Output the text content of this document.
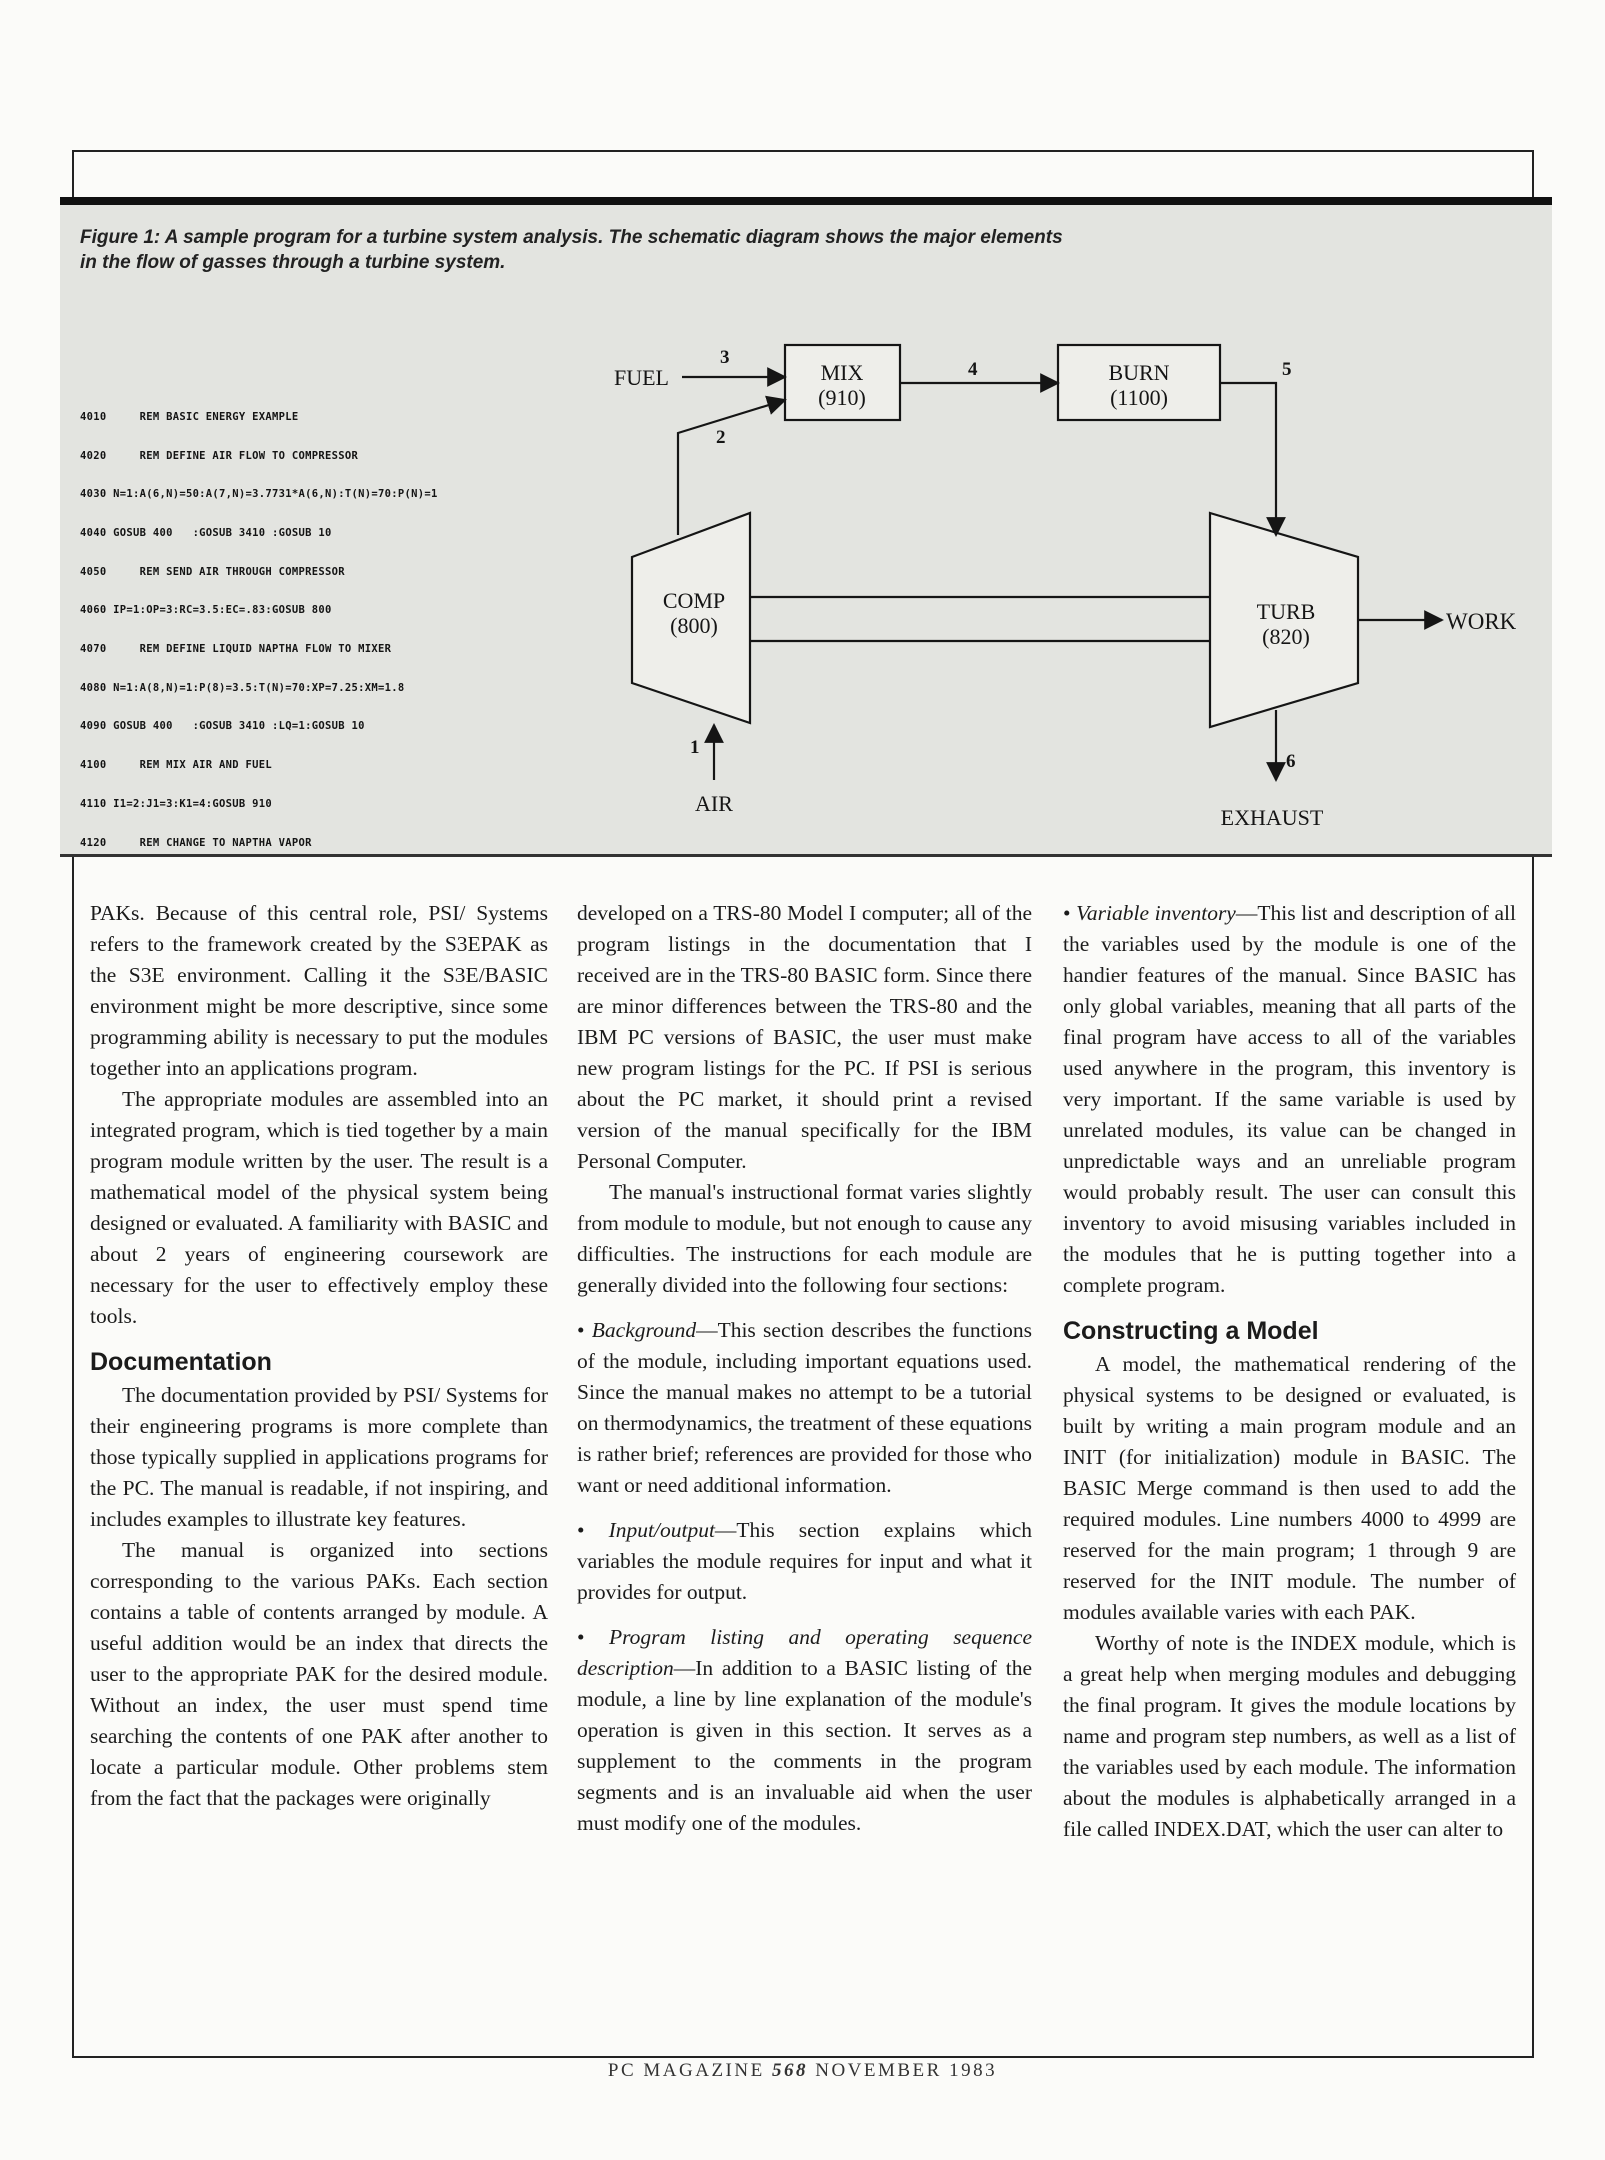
Figure 1: A sample program for a turbine system analysis. The schematic diagram shows the major elements in the flow of gasses through a turbine system.

4010     REM BASIC ENERGY EXAMPLE

4020     REM DEFINE AIR FLOW TO COMPRESSOR

4030 N=1:A(6,N)=50:A(7,N)=3.7731*A(6,N):T(N)=70:P(N)=1

4040 GOSUB 400   :GOSUB 3410 :GOSUB 10

4050     REM SEND AIR THROUGH COMPRESSOR

4060 IP=1:OP=3:RC=3.5:EC=.83:GOSUB 800

4070     REM DEFINE LIQUID NAPTHA FLOW TO MIXER

4080 N=1:A(8,N)=1:P(8)=3.5:T(N)=70:XP=7.25:XM=1.8

4090 GOSUB 400   :GOSUB 3410 :LQ=1:GOSUB 10

4100     REM MIX AIR AND FUEL

4110 I1=2:J1=3:K1=4:GOSUB 910

4120     REM CHANGE TO NAPTHA VAPOR

FUEL
3
2
4	5
1
6
MIX
(910)
BURN
(1100)
COMP
(800)
TURB
(820)
WORK
AIR
EXHAUST

PAKs. Because of this central role, PSI/ Systems refers to the framework created by the S3EPAK as the S3E environment. Calling it the S3E/BASIC environment might be more descriptive, since some programming ability is necessary to put the modules together into an applications program.

The appropriate modules are assembled into an integrated program, which is tied together by a main program module written by the user. The result is a mathematical model of the physical system being designed or evaluated. A familiarity with BASIC and about 2 years of engineering coursework are necessary for the user to effectively employ these tools.

Documentation

The documentation provided by PSI/ Systems for their engineering programs is more complete than those typically supplied in applications programs for the PC. The manual is readable, if not inspiring, and includes examples to illustrate key features.

The manual is organized into sections corresponding to the various PAKs. Each section contains a table of contents arranged by module. A useful addition would be an index that directs the user to the appropriate PAK for the desired module. Without an index, the user must spend time searching the contents of one PAK after another to locate a particular module. Other problems stem from the fact that the packages were originally

developed on a TRS-80 Model I computer; all of the program listings in the documentation that I received are in the TRS-80 BASIC form. Since there are minor differences between the TRS-80 and the IBM PC versions of BASIC, the user must make new program listings for the PC. If PSI is serious about the PC market, it should print a revised version of the manual specifically for the IBM Personal Computer.

The manual's instructional format varies slightly from module to module, but not enough to cause any difficulties. The instructions for each module are generally divided into the following four sections:

• Background—This section describes the functions of the module, including important equations used. Since the manual makes no attempt to be a tutorial on thermodynamics, the treatment of these equations is rather brief; references are provided for those who want or need additional information.

• Input/output—This section explains which variables the module requires for input and what it provides for output.

• Program listing and operating sequence description—In addition to a BASIC listing of the module, a line by line explanation of the module's operation is given in this section. It serves as a supplement to the comments in the program segments and is an invaluable aid when the user must modify one of the modules.

• Variable inventory—This list and description of all the variables used by the module is one of the handier features of the manual. Since BASIC has only global variables, meaning that all parts of the final program have access to all of the variables used anywhere in the program, this inventory is very important. If the same variable is used by unrelated modules, its value can be changed in unpredictable ways and an unreliable program would probably result. The user can consult this inventory to avoid misusing variables included in the modules that he is putting together into a complete program.

Constructing a Model

A model, the mathematical rendering of the physical systems to be designed or evaluated, is built by writing a main program module and an INIT (for initialization) module in BASIC. The BASIC Merge command is then used to add the required modules. Line numbers 4000 to 4999 are reserved for the main program; 1 through 9 are reserved for the INIT module. The number of modules available varies with each PAK.

Worthy of note is the INDEX module, which is a great help when merging modules and debugging the final program. It gives the module locations by name and program step numbers, as well as a list of the variables used by each module. The information about the modules is alphabetically arranged in a file called INDEX.DAT, which the user can alter to

PC MAGAZINE 568 NOVEMBER 1983
